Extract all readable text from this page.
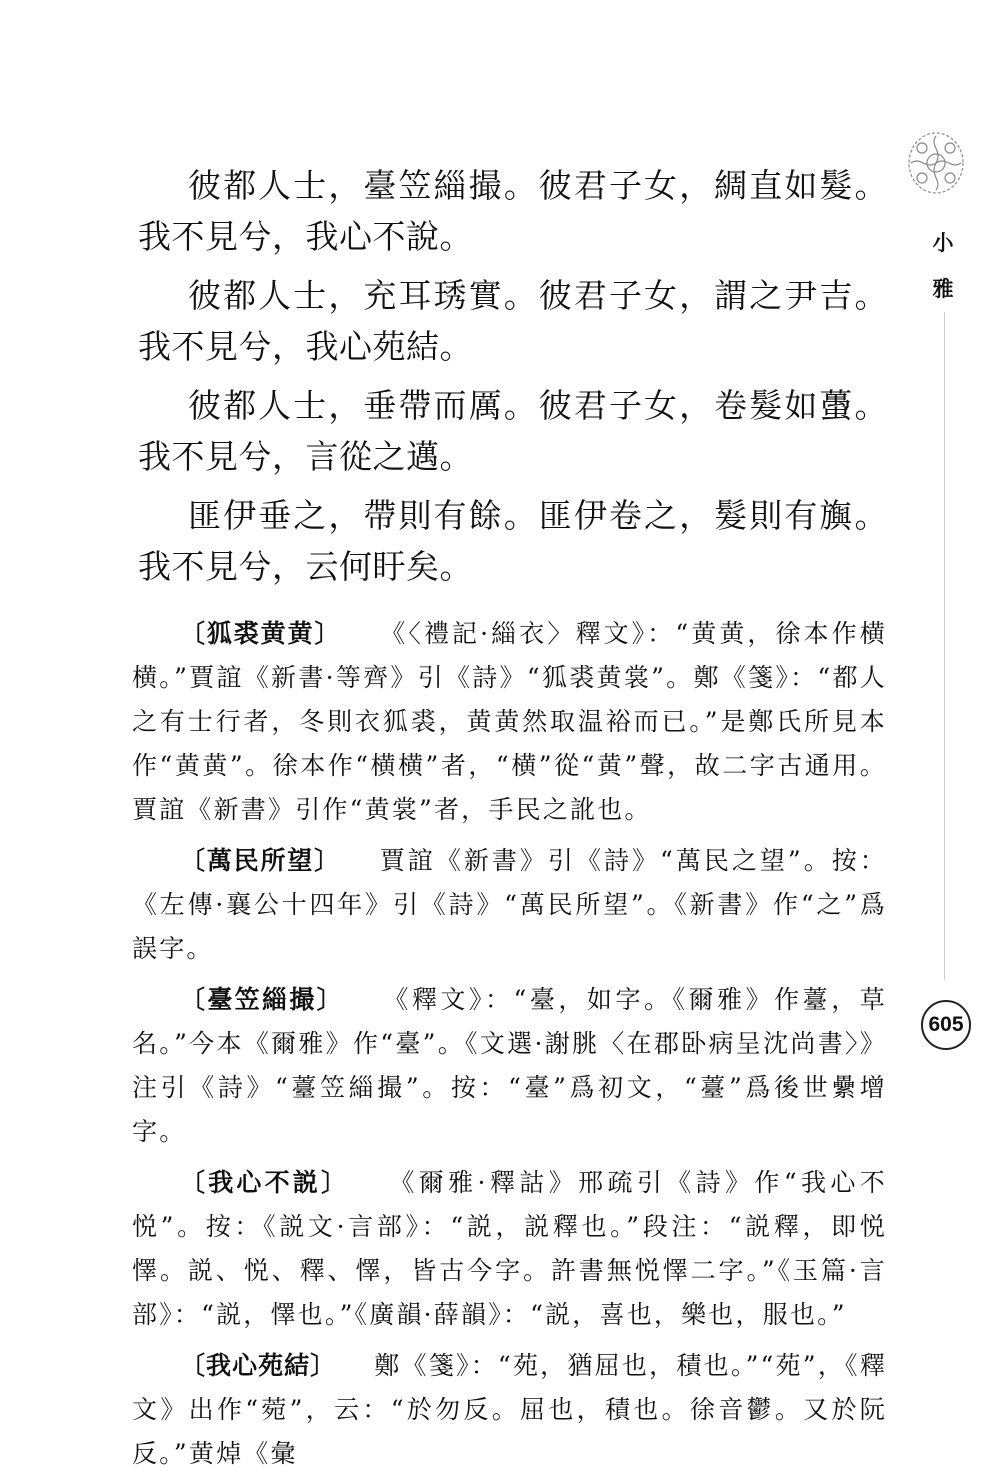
小
雅

彼都人士，臺笠緇撮。彼君子女，綢直如髮。我不見兮，我心不說。

彼都人士，充耳琇實。彼君子女，謂之尹吉。我不見兮，我心苑結。

彼都人士，垂帶而厲。彼君子女，卷髮如蠆。我不見兮，言從之邁。

匪伊垂之，帶則有餘。匪伊卷之，髮則有旟。我不見兮，云何盱矣。

〔狐裘黄黄〕 《〈禮記·緇衣〉釋文》：“黄黄，徐本作横横。”賈誼《新書·等齊》引《詩》“狐裘黄裳”。鄭《箋》：“都人之有士行者，冬則衣狐裘，黄黄然取温裕而已。”是鄭氏所見本作“黄黄”。徐本作“横横”者，“横”從“黄”聲，故二字古通用。賈誼《新書》引作“黄裳”者，手民之訛也。

〔萬民所望〕 賈誼《新書》引《詩》“萬民之望”。按：《左傳·襄公十四年》引《詩》“萬民所望”。《新書》作“之”爲誤字。

〔臺笠緇撮〕 《釋文》：“臺，如字。《爾雅》作薹，草名。”今本《爾雅》作“臺”。《文選·謝朓〈在郡卧病呈沈尚書〉》注引《詩》“薹笠緇撮”。按：“臺”爲初文，“薹”爲後世纍增字。

〔我心不説〕 《爾雅·釋詁》邢疏引《詩》作“我心不悦”。按：《説文·言部》：“説，説釋也。”段注：“説釋，即悦懌。説、悦、釋、懌，皆古今字。許書無悦懌二字。”《玉篇·言部》：“説，懌也。”《廣韻·薛韻》：“説，喜也，樂也，服也。”

〔我心苑結〕 鄭《箋》：“苑，猶屈也，積也。”“苑”，《釋文》出作“菀”，云：“於勿反。屈也，積也。徐音鬱。又於阮反。”黄焯《彙

605
